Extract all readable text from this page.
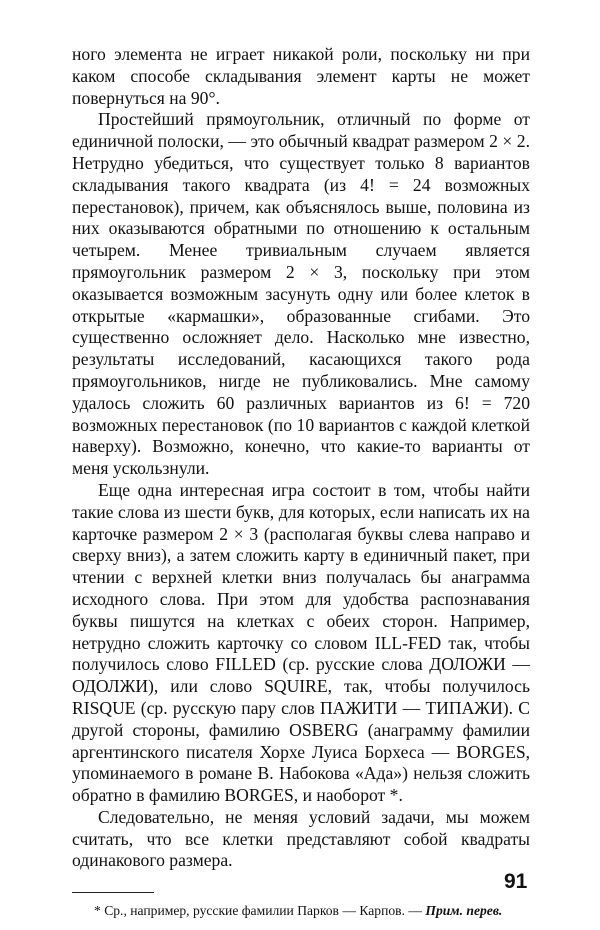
ного элемента не играет никакой роли, поскольку ни при каком способе складывания элемент карты не может повернуться на 90°.

Простейший прямоугольник, отличный по форме от единичной полоски, — это обычный квадрат размером 2 × 2. Нетрудно убедиться, что существует только 8 вариантов складывания такого квадрата (из 4! = 24 возможных перестановок), причем, как объяснялось выше, половина из них оказываются обратными по отношению к остальным четырем. Менее тривиальным случаем является прямоугольник размером 2 × 3, поскольку при этом оказывается возможным засунуть одну или более клеток в открытые «кармашки», образованные сгибами. Это существенно осложняет дело. Насколько мне известно, результаты исследований, касающихся такого рода прямоугольников, нигде не публиковались. Мне самому удалось сложить 60 различных вариантов из 6! = 720 возможных перестановок (по 10 вариантов с каждой клеткой наверху). Возможно, конечно, что какие-то варианты от меня ускользнули.

Еще одна интересная игра состоит в том, чтобы найти такие слова из шести букв, для которых, если написать их на карточке размером 2 × 3 (располагая буквы слева направо и сверху вниз), а затем сложить карту в единичный пакет, при чтении с верхней клетки вниз получалась бы анаграмма исходного слова. При этом для удобства распознавания буквы пишутся на клетках с обеих сторон. Например, нетрудно сложить карточку со словом ILL-FED так, чтобы получилось слово FILLED (ср. русские слова ДОЛОЖИ — ОДОЛЖИ), или слово SQUIRE, так, чтобы получилось RISQUE (ср. русскую пару слов ПАЖИТИ — ТИПАЖИ). С другой стороны, фамилию OSBERG (анаграмму фамилии аргентинского писателя Хорхе Луиса Борхеса — BORGES, упоминаемого в романе В. Набокова «Ада») нельзя сложить обратно в фамилию BORGES, и наоборот *.

Следовательно, не меняя условий задачи, мы можем считать, что все клетки представляют собой квадраты одинакового размера.

* Ср., например, русские фамилии Парков — Карпов. — Прим. перев.

91
